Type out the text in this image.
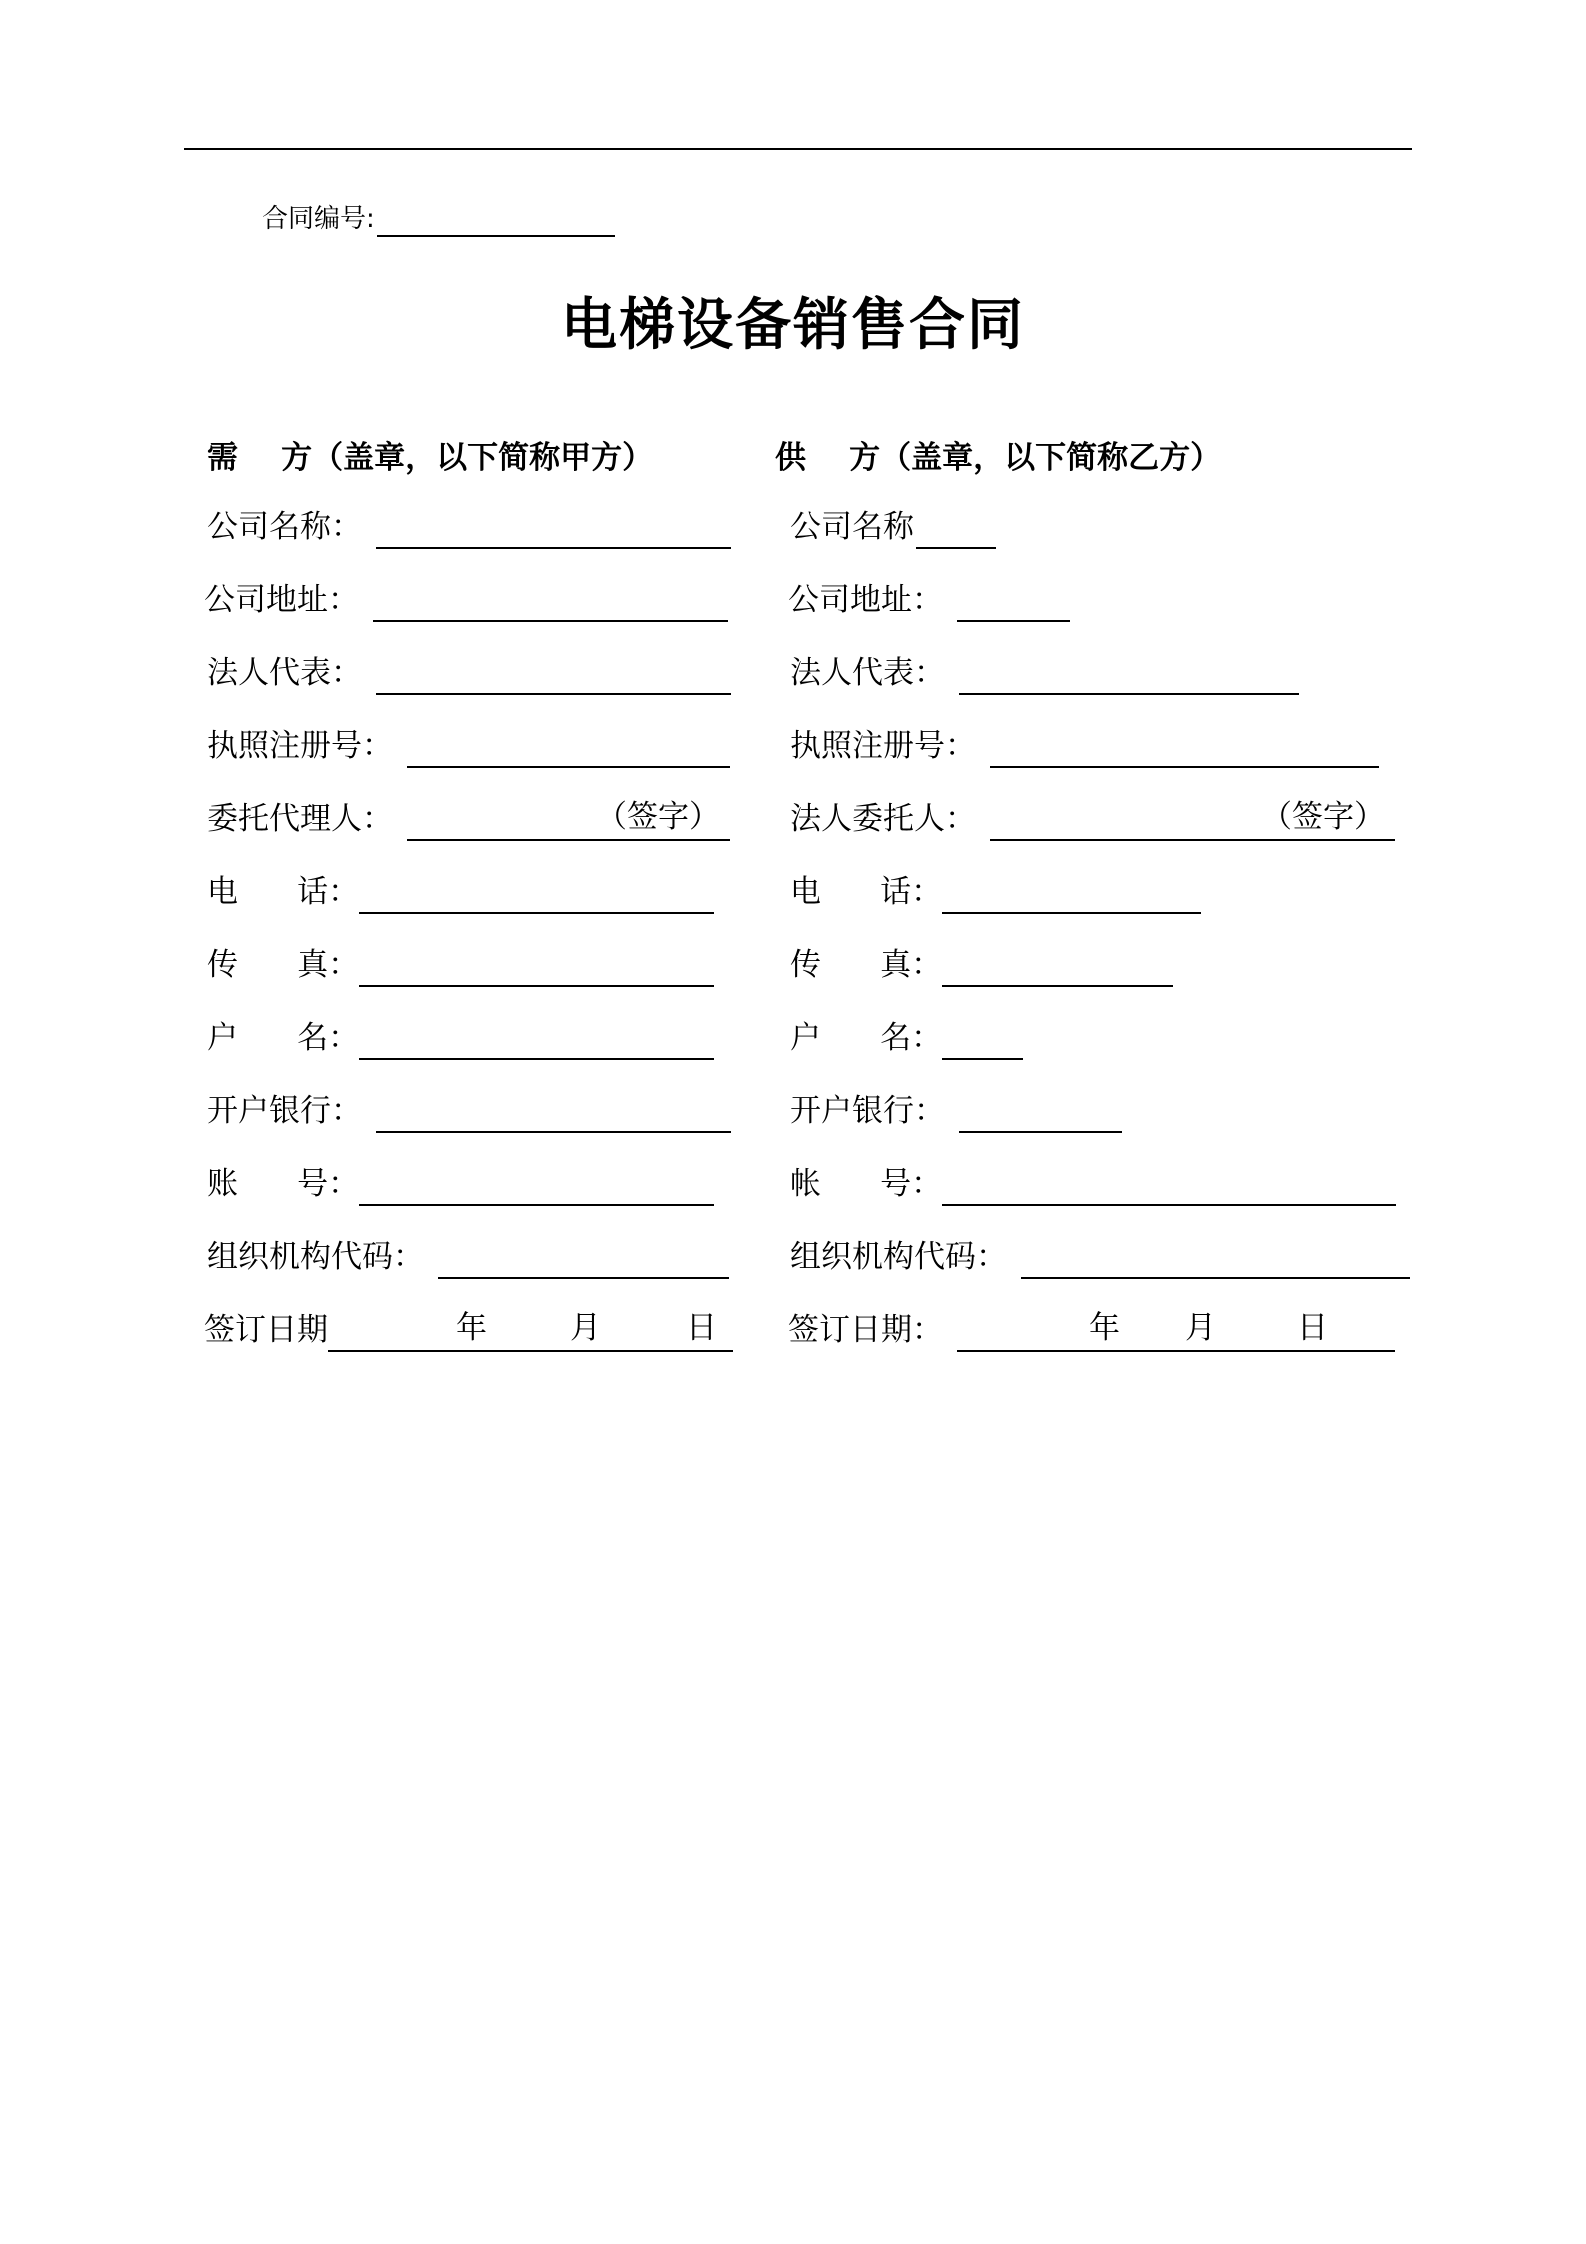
合同编号:
电梯设备销售合同
需    方（盖章，以下简称甲方）
公司名称：
公司地址：
法人代表：
执照注册号：
委托代理人：

	（签字）

电      话：
传      真：
户      名：
开户银行：
账      号：
组织机构代码：
签订日期

	年

	月

	日

供    方（盖章，以下简称乙方）
公司名称
公司地址：
法人代表：
执照注册号：
法人委托人：

	（签字）

电      话：
传      真：
户      名：
开户银行：
帐      号：
组织机构代码：
签订日期：

	年

月

	日
